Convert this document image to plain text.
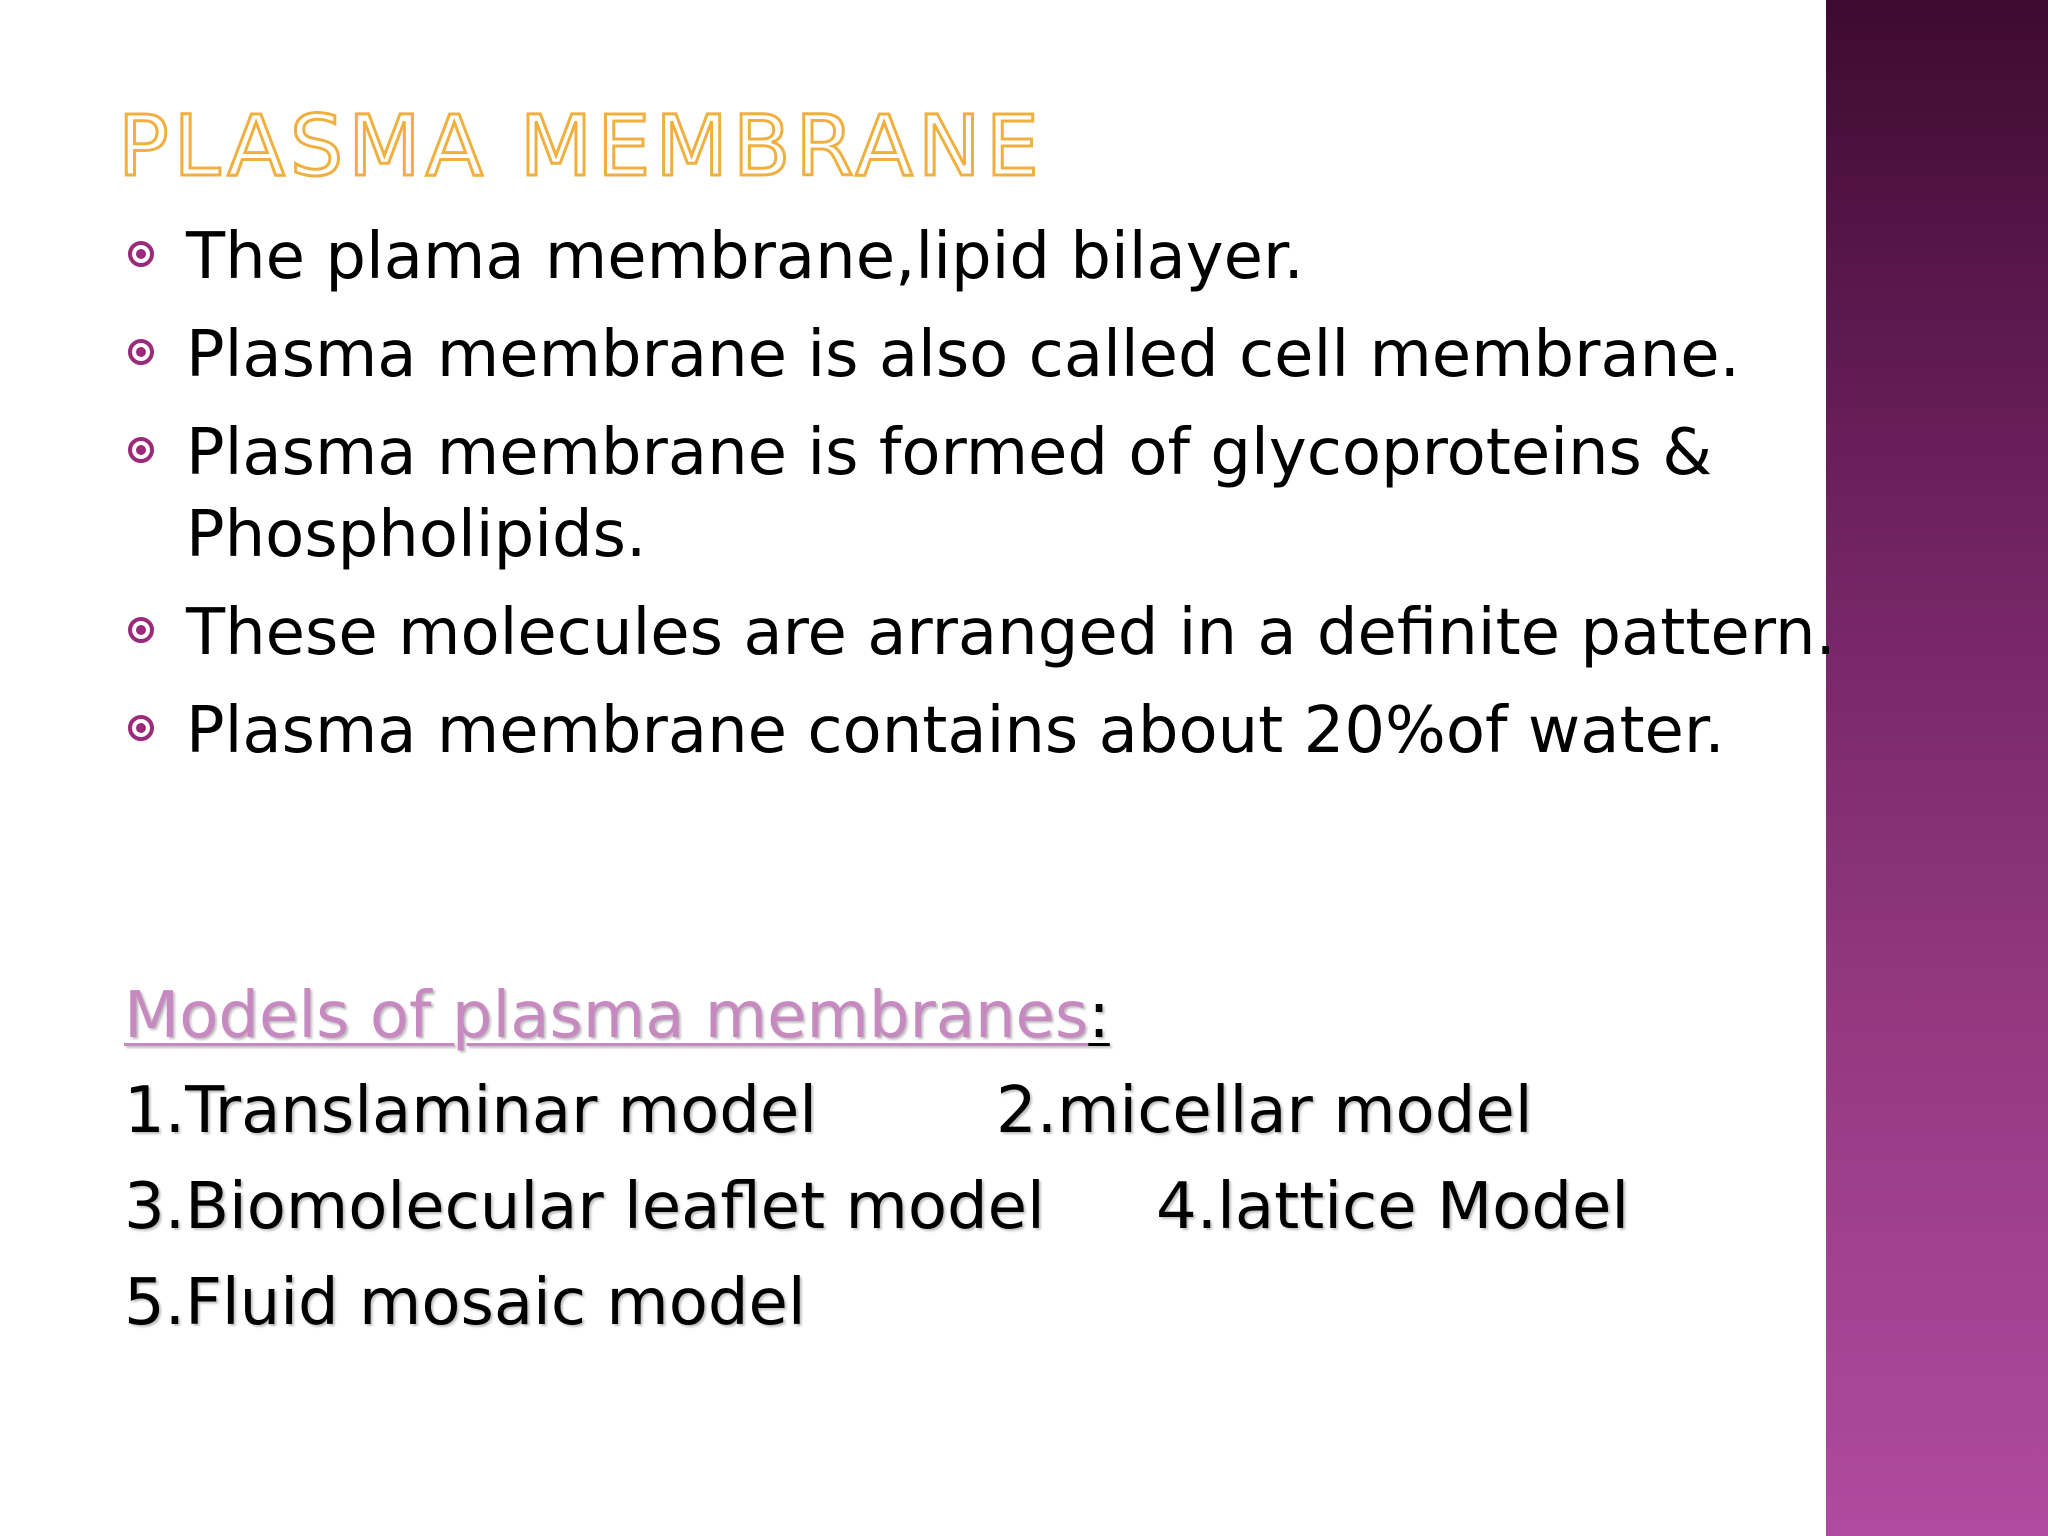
PLASMA MEMBRANE
The plama membrane,lipid bilayer.
Plasma membrane is also called cell membrane.
Plasma membrane is formed of glycoproteins &
Phospholipids.
These molecules are arranged in a definite pattern.
Plasma membrane contains about 20%of water.
Models of plasma membranes:
1.Translaminar model	2.micellar model
3.Biomolecular leaflet model 4.lattice Model
5.Fluid mosaic model
